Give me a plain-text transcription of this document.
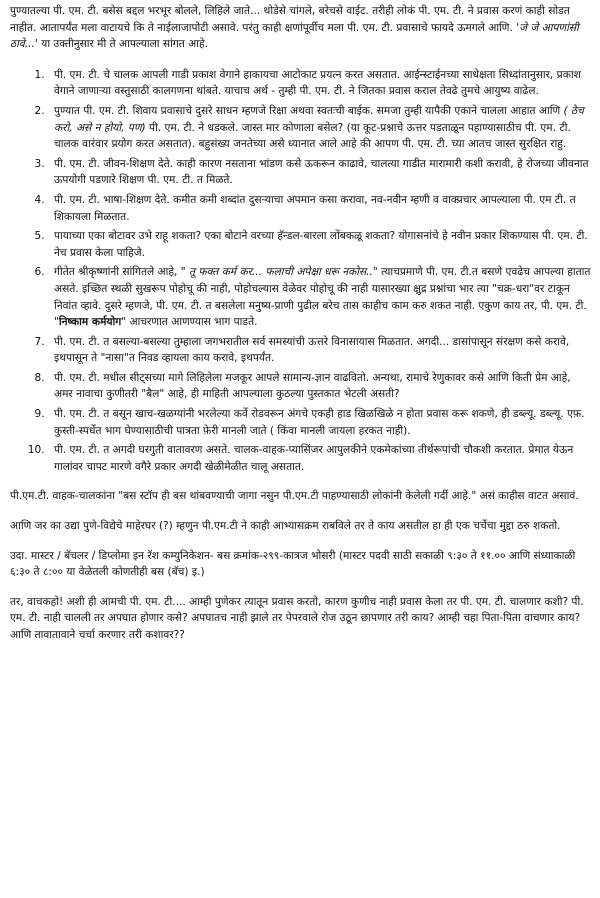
पुण्यातल्या पी. एम. टी. बसेस बद्दल भरभूर बोलले, लिहिले जाते... थोडेसे चांगले, बरेचसे वाईट. तरीही लोकं पी. एम. टी. ने प्रवास करणं काही सोडत नाहीत. आतापर्यंत मला वाटायचे कि ते नाईलाजापोटी असावे. परंतु काही क्षणांपूर्वीच मला पी. एम. टी. प्रवासाचे फायदे ऊमगले आणि. 'जे जे आपणांसी ठावे...' या उक्तीनुसार मी ते आपल्याला सांगत आहे.

1. पी. एम. टी. चे चालक आपली गाडी प्रकाश वेगाने हाकायचा आटोकाट प्रयत्न करत असतात. आईन्स्टाईनच्या साधेक्षता सिध्दांतानुसार, प्रकाश वेगाने जाणाऱ्या वस्तुसाठी कालगणना थांबते. याचाच अर्थ - तुम्ही पी. एम. टी. ने जितका प्रवास कराल तेवढे तुमचे आयुष्य वाढेल.
2. पुण्यात पी. एम. टी. शिवाय प्रवासाचे दुसरे साधन म्हणजे रिक्षा अथवा स्वतःची बाईक. समजा तुम्ही यापैकी एकाने चालला आहात आणि ( ठेच करो, असे न होयो, पण) पी. एम. टी. ने धडकले. जास्त मार कोणाला बसेल? (या कूट-प्रश्नाचे ऊत्तर पडताळून पहाण्यासाठीच पी. एम. टी. चालक वारंवार प्रयोग करत असतात). बहुसंख्य जनतेच्या असे ध्यानात आले आहे की आपण पी. एम. टी. च्या आतच जास्त सुरक्षित राहु.
3. पी. एम. टी. जीवन-शिक्षण देते. काही कारण नसताना भांडण कसे ऊकरून काढावे, चालत्या गाडीत मारामारी कशी करावी, हे रोजच्या जीवनात ऊपयोगी पडणारे शिक्षण पी. एम. टी. त मिळते.
4. पी. एम. टी. भाषा-शिक्षण देते. कमीत कमी शब्दांत दुसऱ्याचा अपमान कसा करावा, नव-नवीन म्हणी व वाक्प्रचार आपल्याला पी. एम टी. त शिकायला मिळतात.
5. पायाच्या एका बोटावर उभे राहू शकता? एका बोटाने वरच्या हॅन्डल-बारला लोंबकळू शकता? योगासनांचे हे नवीन प्रकार शिकण्यास पी. एम. टी. नेच प्रवास केला पाहिजे.
6. गीतेत श्रीकृष्णांनी सांगितले आहे, " तू फक्त कर्म कर... फलाची अपेक्षा धरू नकोस.." त्याचप्रमाणे पी. एम. टी.त बसणे एवढेच आपल्या हातात असते. इच्छित स्थळी सुखरूप पोहोचू की नाही, पोहोचल्यास वेळेवर पोहोचू की नाही यासारख्या क्षुद्र प्रश्नांचा भार त्या "चक्र-धरा"वर टाकून निवांत व्हावे. दुसरे म्हणजे, पी. एम. टी. त बसलेला मनुष्य-प्राणी पुढील बरेच तास काहीच काम करु शकत नाही. एकुण काय तर, पी. एम. टी. "निष्काम कर्मयोग" आचरणात आणण्यास भाग पाडते.
7. पी. एम. टी. त बसल्या-बसल्या तुम्हाला जगभरातील सर्व समस्यांची ऊत्तरे विनासायास मिळतात. अगदी... डासांपासून संरक्षण कसे करावे, इथपासून ते "नासा"त निवड व्हायला काय करावे, इथपर्यंत.
8. पी. एम. टी. मधील सीट्सच्या मागे लिहिलेला मजकूर आपले सामान्य-ज्ञान वाढवितो. अन्यथा, रामाचे रेणुकावर कसे आणि किती प्रेम आहे, अमर नावाचा कुणीतरी "बैल" आहे, ही माहिती आपल्याला कुठल्या पुस्तकात भेटली असती?
9. पी. एम. टी. त बसून खाच-खळग्यांनी भरलेल्या कर्वे रोडवरून अंगचे एकही हाड खिळखिळे न होता प्रवास करू शकणे, ही डब्ल्यू. डब्ल्यू. एफ़. कुस्ती-स्पर्धेत भाग घेण्यासाठीची पात्रता फ़ेरी मानली जाते ( किंवा मानली जायला हरकत नाही).
10. पी. एम. टी. त अगदी घरगुती वातावरण असते. चालक-वाहक-प्यासिंजर आपुलकीने एकमेकांच्या तीर्थरूपांची चौकशी करतात. प्रेमात येऊन गालांवर चापट मारणे वगैरे प्रकार अगदी खेळीमेळीत चालू असतात.

पी.एम.टी. वाहक-चालकांना "बस स्टॉप ही बस थांबवण्याची जागा नसुन पी.एम.टी पाहण्यासाठी लोकांनी केलेली गर्दी आहे." असं काहीस वाटत असावं.

आणि जर का उद्या पुणे-विद्येचे माहेरघर (?) म्हणुन पी.एम.टी ने काही आभ्यासक्रम राबविले तर ते काय असतील हा ही एक चर्चेचा मुद्दा ठरु शकतो.

उदा. मास्टर / बॅचलर / डिप्लोमा इन रॅश कम्युनिकेशन- बस क्रमांक-२९९-कात्रज भोसरी (मास्टर पदवी साठी सकाळी ९:३० ते ११.०० आणि संध्याकाळी ६:३० ते ८:०० या वेळेतली कोणतीही बस (बॅच) इ.)

तर, वाचकहो! अशी ही आमची पी. एम. टी.... आम्ही पुणेकर त्यातून प्रवास करतो, कारण कुणीच नाही प्रवास केला तर पी. एम. टी. चालणार कशी? पी. एम. टी. नाही चालली तर अपघात होणार कसे? अपघातच नाही झाले तर पेपरवाले रोज उठून छापणार तरी काय? आम्ही चहा पिता-पिता वाचणार काय? आणि तावातावाने चर्चा करणार तरी कशावर??
